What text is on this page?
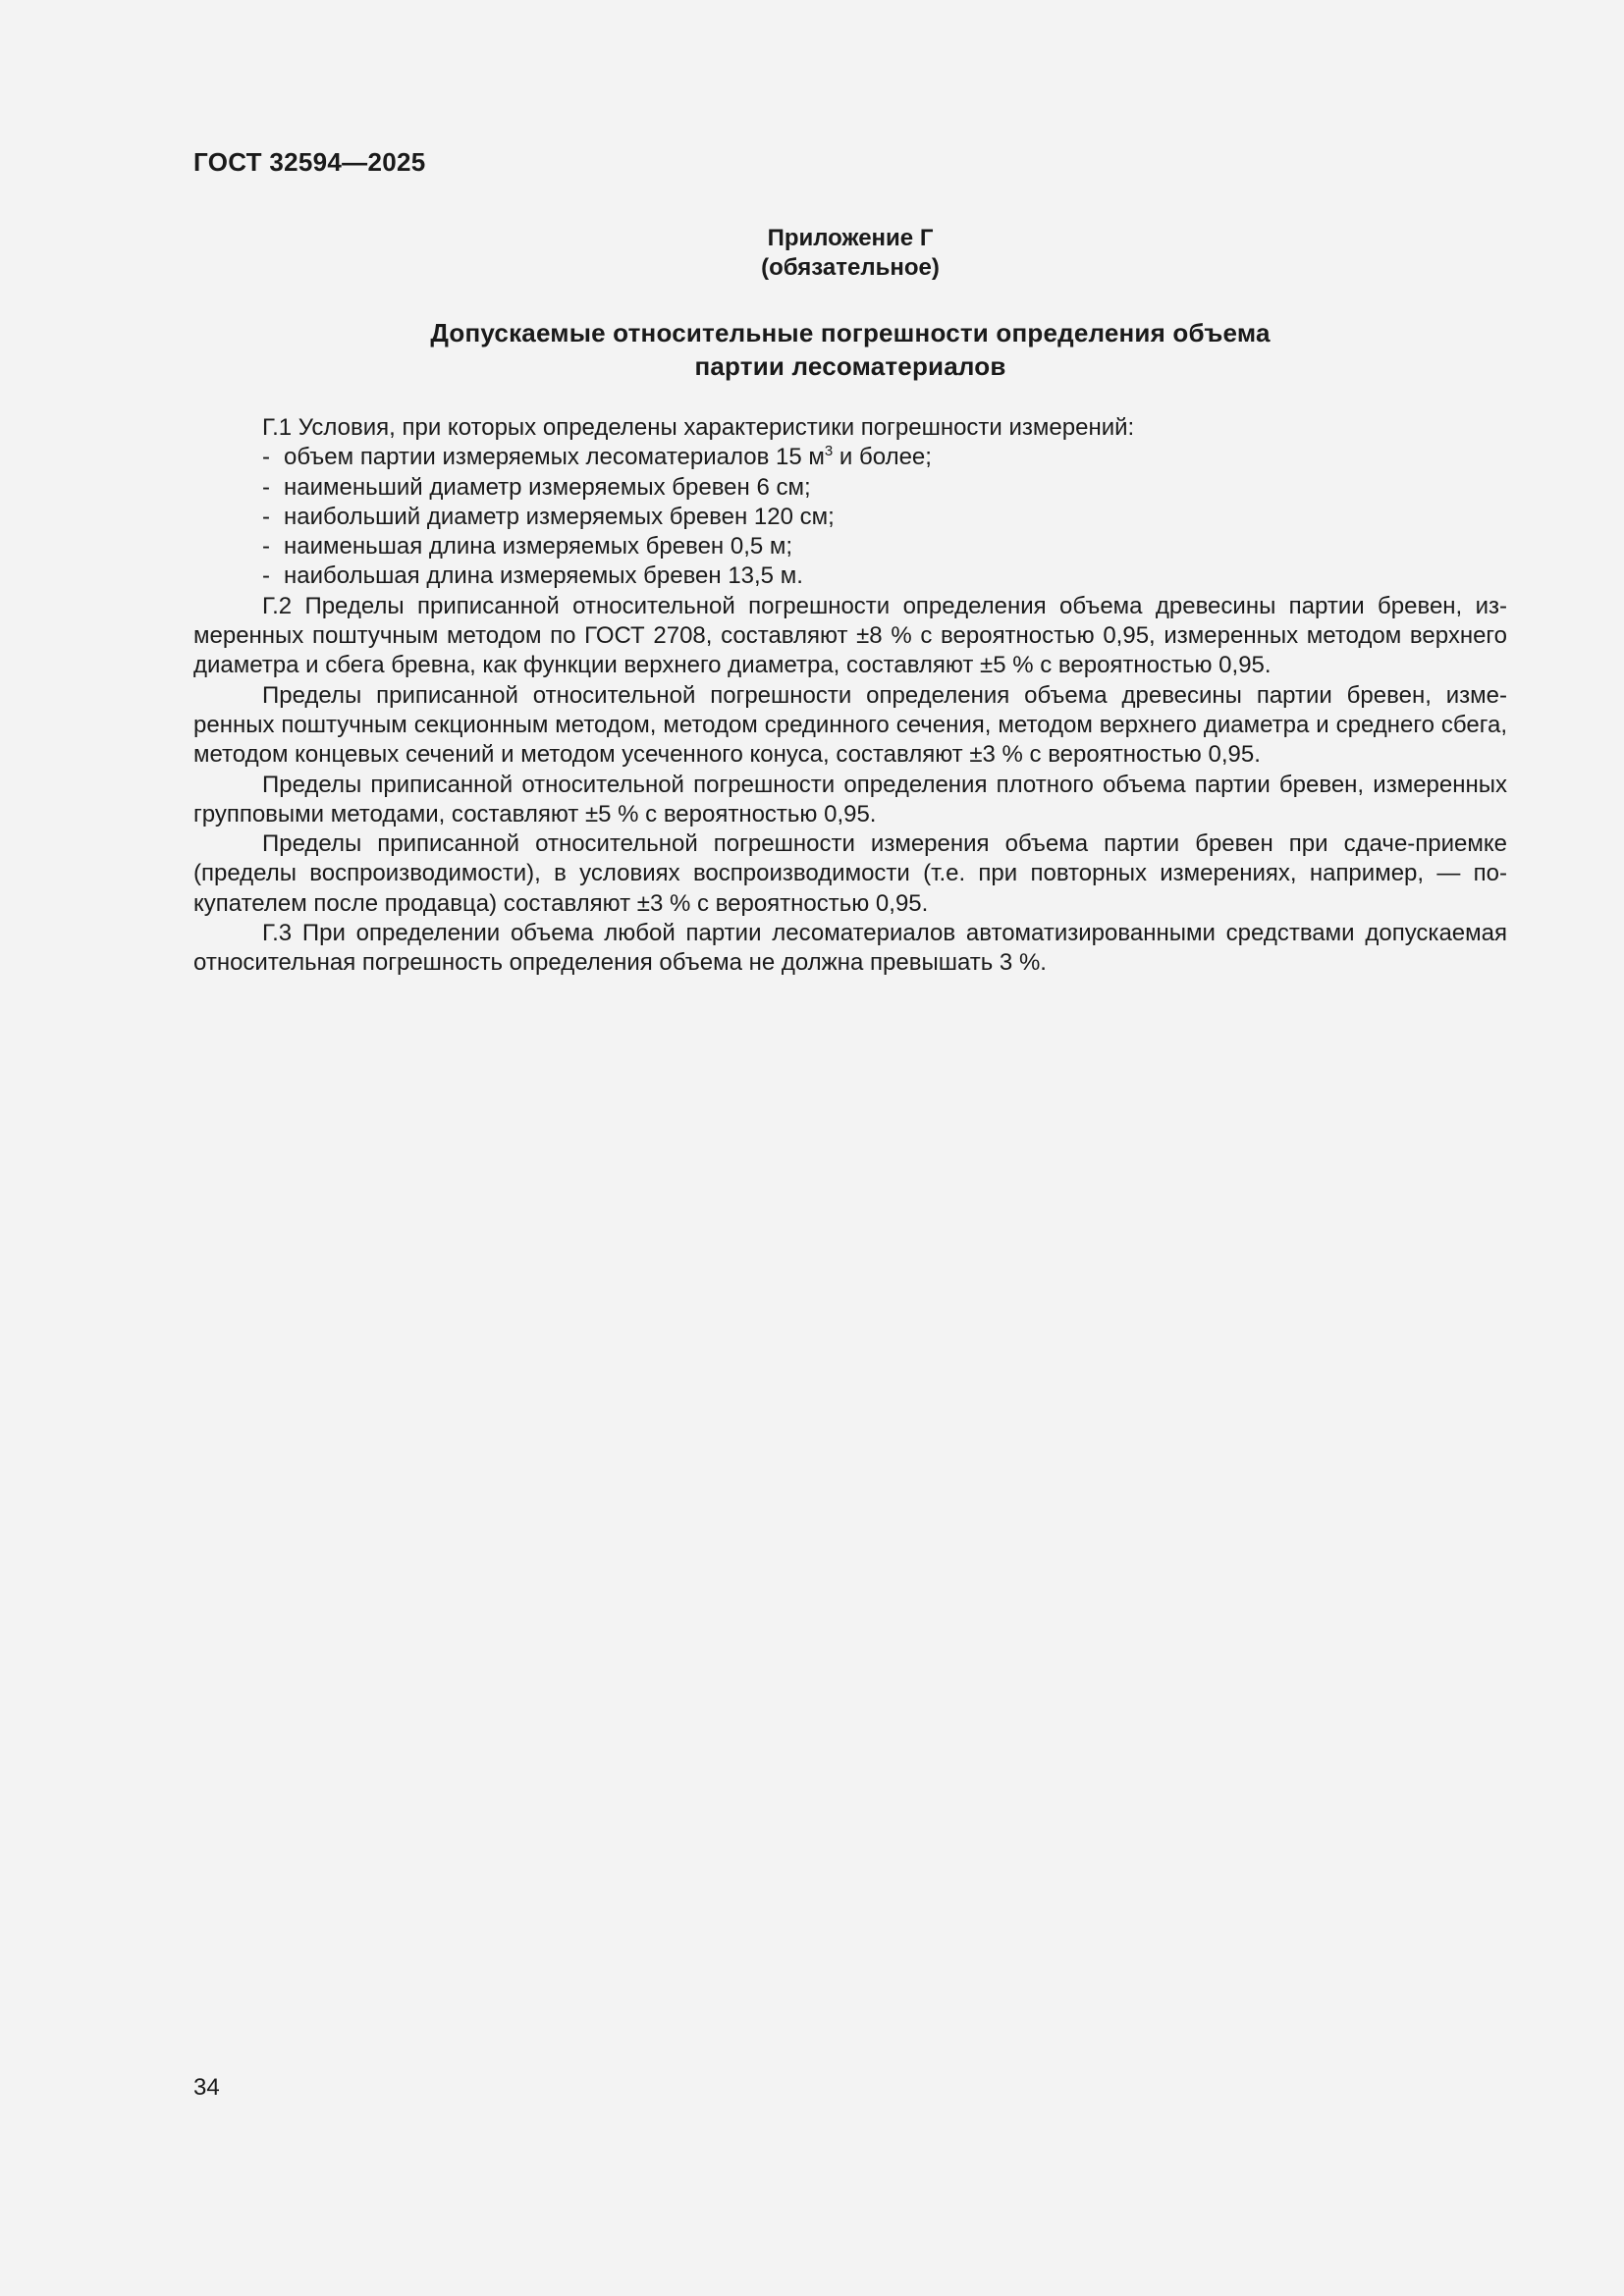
ГОСТ 32594—2025
Приложение Г
(обязательное)
Допускаемые относительные погрешности определения объема
партии лесоматериалов

Г.1 Условия, при которых определены характеристики погрешности измерений:

- объем партии измеряемых лесоматериалов 15 $м^3$ и более;
- наименьший диаметр измеряемых бревен 6 см;
- наибольший диаметр измеряемых бревен 120 см;
- наименьшая длина измеряемых бревен 0,5 м;
- наибольшая длина измеряемых бревен 13,5 м.

Г.2 Пределы приписанной относительной погрешности определения объема древесины партии бревен, измеренных поштучным методом по ГОСТ 2708, составляют ±8 % с вероятностью 0,95, измеренных методом верхнего диаметра и сбега бревна, как функции верхнего диаметра, составляют ±5 % с вероятностью 0,95.

Пределы приписанной относительной погрешности определения объема древесины партии бревен, измеренных поштучным секционным методом, методом срединного сечения, методом верхнего диаметра и среднего сбега, методом концевых сечений и методом усеченного конуса, составляют ±3 % с вероятностью 0,95.

Пределы приписанной относительной погрешности определения плотного объема партии бревен, измеренных групповыми методами, составляют ±5 % с вероятностью 0,95.

Пределы приписанной относительной погрешности измерения объема партии бревен при сдаче-приемке (пределы воспроизводимости), в условиях воспроизводимости (т.е. при повторных измерениях, например, — покупателем после продавца) составляют ±3 % с вероятностью 0,95.

Г.3 При определении объема любой партии лесоматериалов автоматизированными средствами допускаемая относительная погрешность определения объема не должна превышать 3 %.

34
